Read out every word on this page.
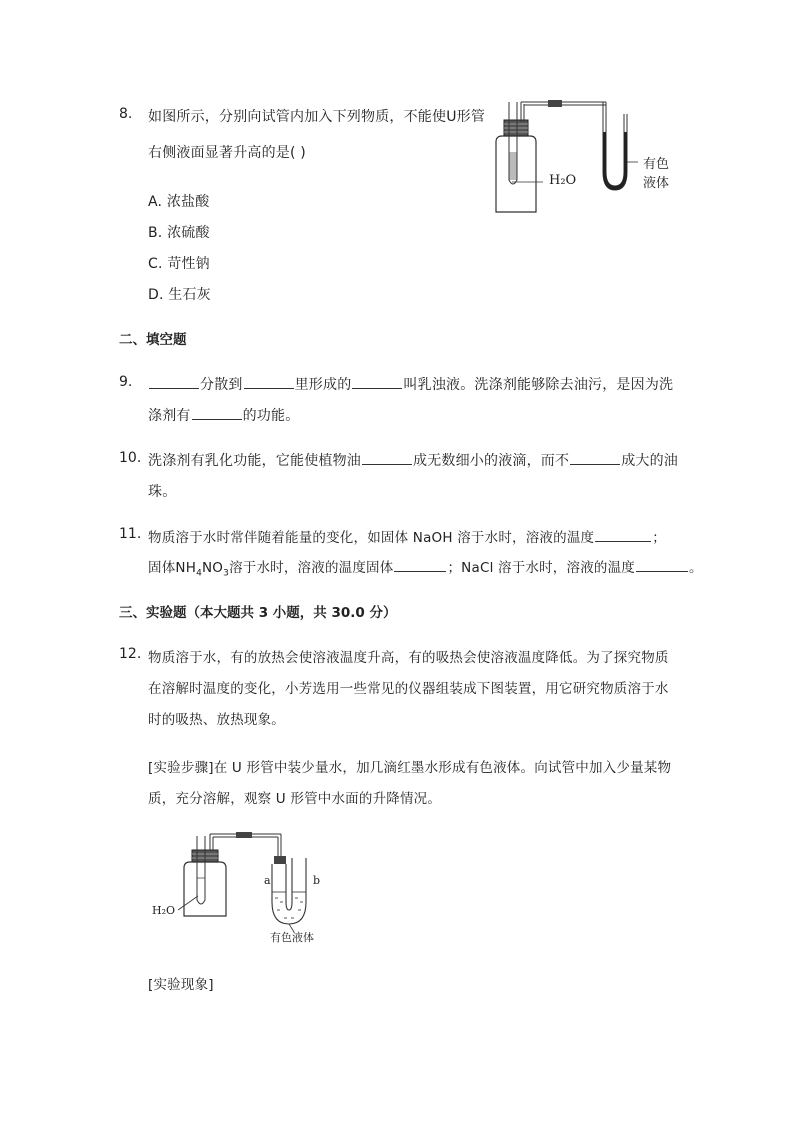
8. 如图所示，分别向试管内加入下列物质，不能使U形管
右侧液面显著升高的是( )
A. 浓盐酸
B. 浓硫酸
C. 苛性钠
D. 生石灰
H₂O
有色
液体
二、填空题
9.	分散到	里形成的	叫乳浊液。洗涤剂能够除去油污，是因为洗
涤剂有	的功能。
10. 洗涤剂有乳化功能，它能使植物油	成无数细小的液滴，而不	成大的油
珠。
11. 物质溶于水时常伴随着能量的变化，如固体 NaOH 溶于水时，溶液的温度	；
固体$NH_4NO_3$溶于水时，溶液的温度固体	；NaCl 溶于水时，溶液的温度	。
三、实验题（本大题共 3 小题，共 30.0 分）
12. 物质溶于水，有的放热会使溶液温度升高，有的吸热会使溶液温度降低。为了探究物质
在溶解时温度的变化，小芳选用一些常见的仪器组装成下图装置，用它研究物质溶于水
时的吸热、放热现象。
[实验步骤]在 U 形管中装少量水，加几滴红墨水形成有色液体。向试管中加入少量某物
质，充分溶解，观察 U 形管中水面的升降情况。
H₂O
a	b
有色液体
[实验现象]
